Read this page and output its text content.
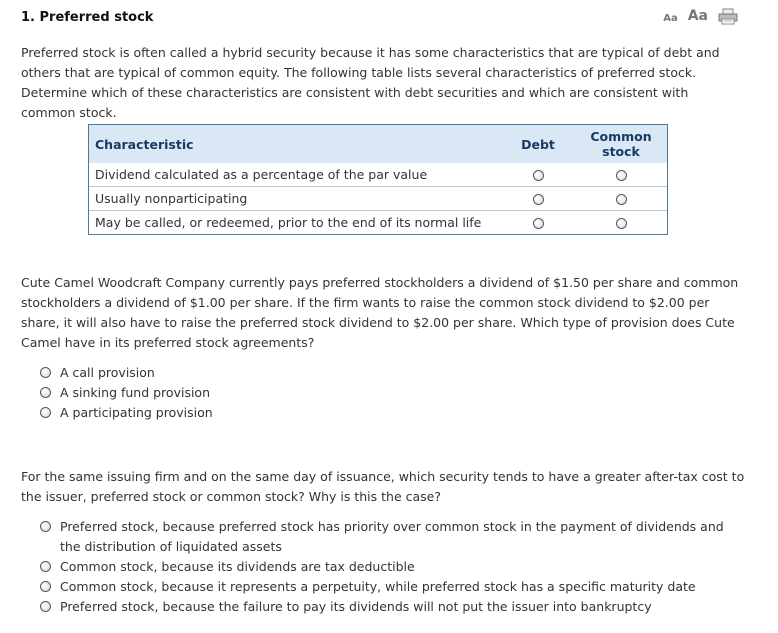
1. Preferred stock	Aa Aa
Preferred stock is often called a hybrid security because it has some characteristics that are typical of debt and others that are typical of common equity. The following table lists several characteristics of preferred stock. Determine which of these characteristics are consistent with debt securities and which are consistent with common stock.
Characteristic	Debt	Common stock
Dividend calculated as a percentage of the par value		
Usually nonparticipating		
May be called, or redeemed, prior to the end of its normal life		
Cute Camel Woodcraft Company currently pays preferred stockholders a dividend of $1.50 per share and common stockholders a dividend of $1.00 per share. If the firm wants to raise the common stock dividend to $2.00 per share, it will also have to raise the preferred stock dividend to $2.00 per share. Which type of provision does Cute Camel have in its preferred stock agreements?
A call provision
A sinking fund provision
A participating provision
For the same issuing firm and on the same day of issuance, which security tends to have a greater after-tax cost to the issuer, preferred stock or common stock? Why is this the case?
Preferred stock, because preferred stock has priority over common stock in the payment of dividends and the distribution of liquidated assets
Common stock, because its dividends are tax deductible
Common stock, because it represents a perpetuity, while preferred stock has a specific maturity date
Preferred stock, because the failure to pay its dividends will not put the issuer into bankruptcy
